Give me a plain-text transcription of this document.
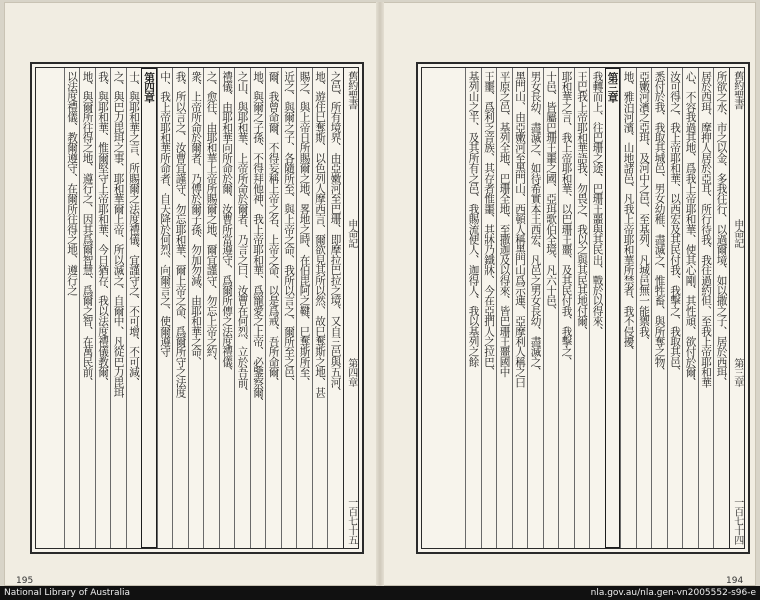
舊約聖書
申命記
第四章
一百七十五
之邑、所有境界、由亞嫩河至巴珊、即摩拉巴拉之境、又自三邑與五河、
地、遊住巳奪斯、以色列人摩西言、爾欲見其所以然、故巳奪斯之地、甚
賜之、與上帝日所賜爾之地、畧地之時、在伯毘阿之鞬、巳奪斯所至、
近之、與爾之子、各隨所至、與上帝之命、我所以言之、爾所至之邑、
爾、我曾命爾、不得妄稱上帝之名、上帝之命、以是爲戒、吾所命爾、
地、與爾之子孫、不得拜他神、我上帝耶和華、爲寵愛之上帝、必鑒察爾、
之山、與耶和華、上帝所命於爾者、乃言之曰、汝曹在何烈、立於吾前、
禮儀、由耶和華向所命於爾、汝曹所當遵守、爲爾所傳之法度禮儀、
之、愈往、由耶和華上帝所賜爾之地、爾宜謹守、勿忘上帝之約、
衆、上帝所命於爾者、乃傳於爾子孫、勿加勿減、由耶和華之命、
我、所以言之、汝曹宜謹守、勿忘耶和華、爾上帝之命、爲爾所守之法度
中、我上帝耶和華所命者、自天降於何烈、向爾言之、使爾遵守
第四章
士、與耶和華之言、所賜爾之法度禮儀、宜謹守之、不可增、不可減、
之、與巴力毘珥之事、耶和華爾上帝、所以滅之、自爾中、凡從巴力毘珥
我、與耶和華、惟爾堅守上帝耶和華、今日猶存、我以法度禮儀教爾、
地、與爾所往得之地、遵行之、因其爲爾智慧、爲爾之智、在萬民前、
以法度禮儀、教爾遵守、在爾所往得之地、遵行之	舊約聖書
申命記
第三章
一百七十四
所欲之水、市之以金、多我往行、以過爾境、如以撒之子、居於西珥、
居於西珥、摩押人居於亞耳、所行待我、我往過約但、至我上帝耶和華
心、不容我過其地、爲我上帝耶和華、使其心剛、其性頑、欲付於爾、
汝可得之、我上帝耶和華、以西宏及其民付我、我擊之、我取其邑、
悉付於我、我取其城邑、男女幼稚、盡滅之、惟牲畜、與所奪之物、
亞嫩河濱之亞珥、及河中之邑、至基列、凡城邑無一能禦我、
地、雅泊河濱、山地諸邑、凡我上帝耶和華所禁者、我不侵擾、
第三章
我轉而上、往巴珊之途、巴珊王噩與其民出、戰於以得來、
王巴我上帝耶和華語我、勿畏之、我以之與其民其地付爾、
耶和華之言、我上帝耶和華、以巴珊王噩、及其民付我、我擊之、
十邑、皆屬巴珊王噩之國、亞珥歌伯全境、凡六十邑、
男女長幼、盡滅之、如待希實本王西宏、凡邑之男女長幼、盡滅之、
黑門山、由亞嫩河至黑門山、西頓人稱黑門山爲示連、亞摩利人稱之曰
平原之邑、基列全地、巴珊全地、至撒迦及以得來、皆巴珊王噩國中
王噩、爲利乏音族、其存者惟噩、其牀乃鐵牀、今在亞捫人之拉巴、
基列山之半、及其所有之邑、我賜流便人、迦得人、我以基列之餘
195	194
National Library of Australia	nla.gov.au/nla.gen-vn2005552-s96-e
